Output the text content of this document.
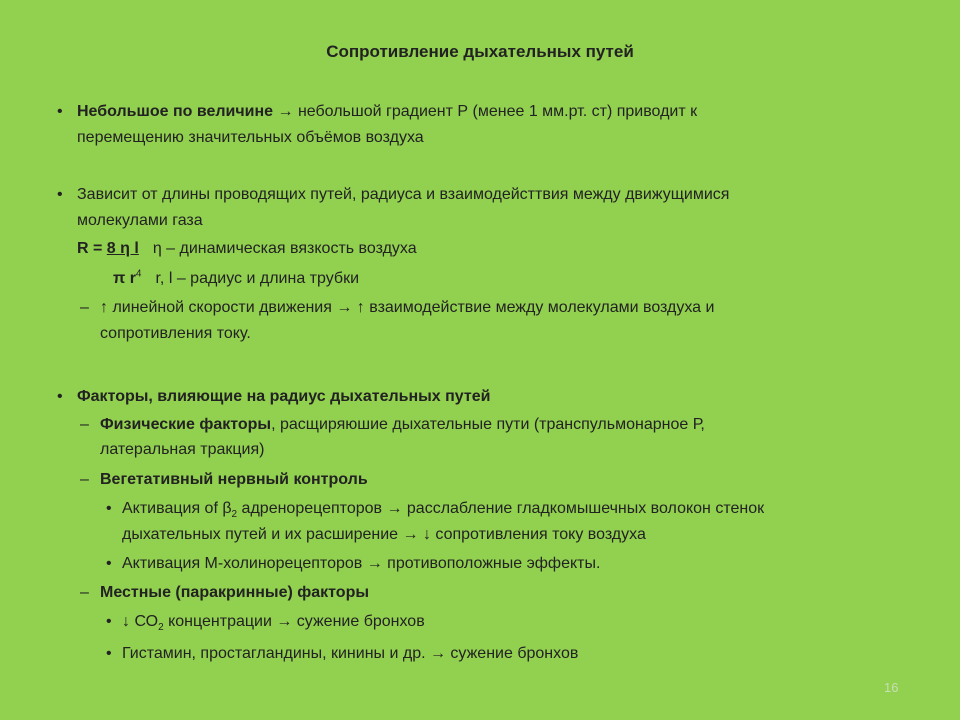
Сопротивление дыхательных путей
• Небольшое по величине → небольшой градиент Р (менее 1 мм.рт. ст) приводит к
перемещению значительных объёмов воздуха
• Зависит от длины проводящих путей, радиуса и взаимодейсттвия между движущимися
молекулами газа
R = 8 η l η – динамическая вязкость воздуха
π $r^4$ r, l – радиус и длина трубки
– ↑ линейной скорости движения → ↑ взаимодействие между молекулами воздуха и
сопротивления току.
• Факторы, влияющие на радиус дыхательных путей
– Физические факторы, расщиряюшие дыхательные пути (транспульмонарное Р,
латеральная тракция)
– Вегетативный нервный контроль
• Активация of $\beta_2$ адренорецепторов → расслабление гладкомышечных волокон стенок
дыхательных путей и их расширение → ↓ сопротивления току воздуха
• Активация М-холинорецепторов → противоположные эффекты.
– Местные (паракринные) факторы
• ↓ $СО_2$ концентрации → сужение бронхов
• Гистамин, простагландины, кинины и др. → сужение бронхов
16
